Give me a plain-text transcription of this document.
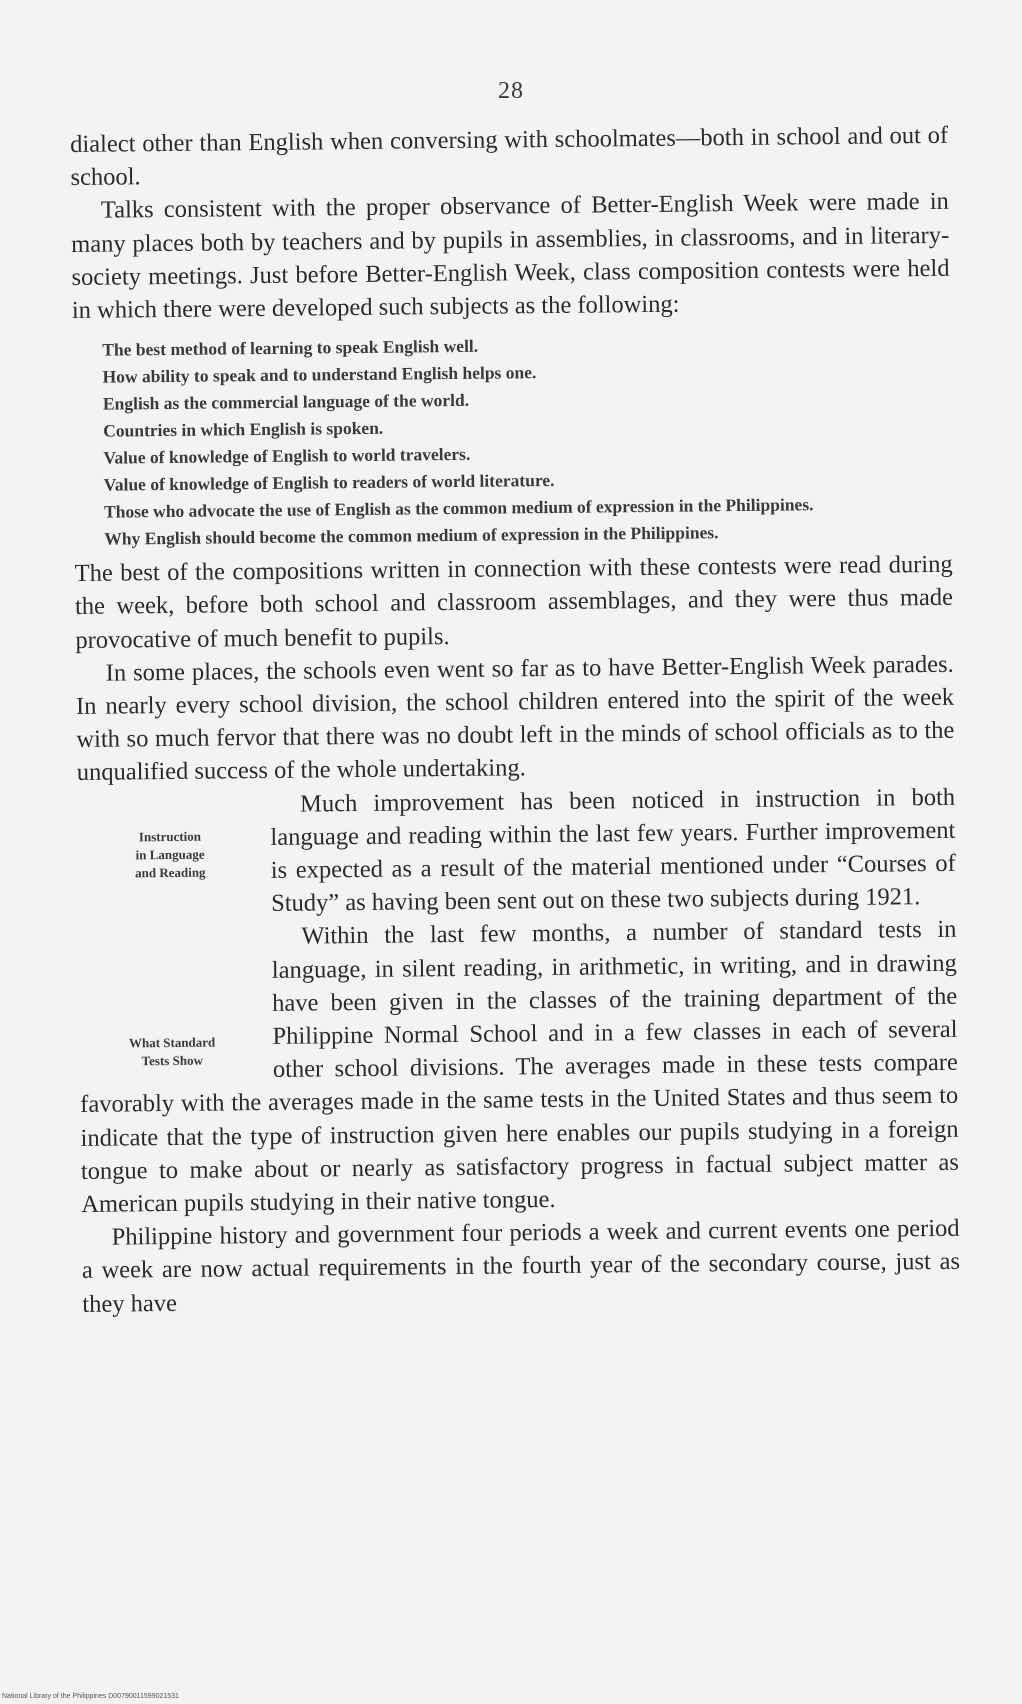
28

dialect other than English when conversing with schoolmates—both in school and out of school.

Talks consistent with the proper observance of Better-English Week were made in many places both by teachers and by pupils in assemblies, in classrooms, and in literary-society meetings. Just before Better-English Week, class composition contests were held in which there were developed such subjects as the following:

The best method of learning to speak English well.
How ability to speak and to understand English helps one.
English as the commercial language of the world.
Countries in which English is spoken.
Value of knowledge of English to world travelers.
Value of knowledge of English to readers of world literature.
Those who advocate the use of English as the common medium of expression in the Philippines.
Why English should become the common medium of expression in the Philippines.

The best of the compositions written in connection with these contests were read during the week, before both school and classroom assemblages, and they were thus made provocative of much benefit to pupils.

In some places, the schools even went so far as to have Better-English Week parades. In nearly every school division, the school children entered into the spirit of the week with so much fervor that there was no doubt left in the minds of school officials as to the unqualified success of the whole undertaking.

Instruction
in Language
and Reading

Much improvement has been noticed in instruction in both language and reading within the last few years. Further improvement is expected as a result of the material mentioned under “Courses of Study” as having been sent out on these two subjects during 1921.

What Standard
Tests Show

Within the last few months, a number of standard tests in language, in silent reading, in arithmetic, in writing, and in drawing have been given in the classes of the training department of the Philippine Normal School and in a few classes in each of several other school divisions. The averages made in these tests compare favorably with the averages made in the same tests in the United States and thus seem to indicate that the type of instruction given here enables our pupils studying in a foreign tongue to make about or nearly as satisfactory progress in factual subject matter as American pupils studying in their native tongue.

Philippine history and government four periods a week and current events one period a week are now actual requirements in the fourth year of the secondary course, just as they have

National Library of the Philippines D00790011599021531
